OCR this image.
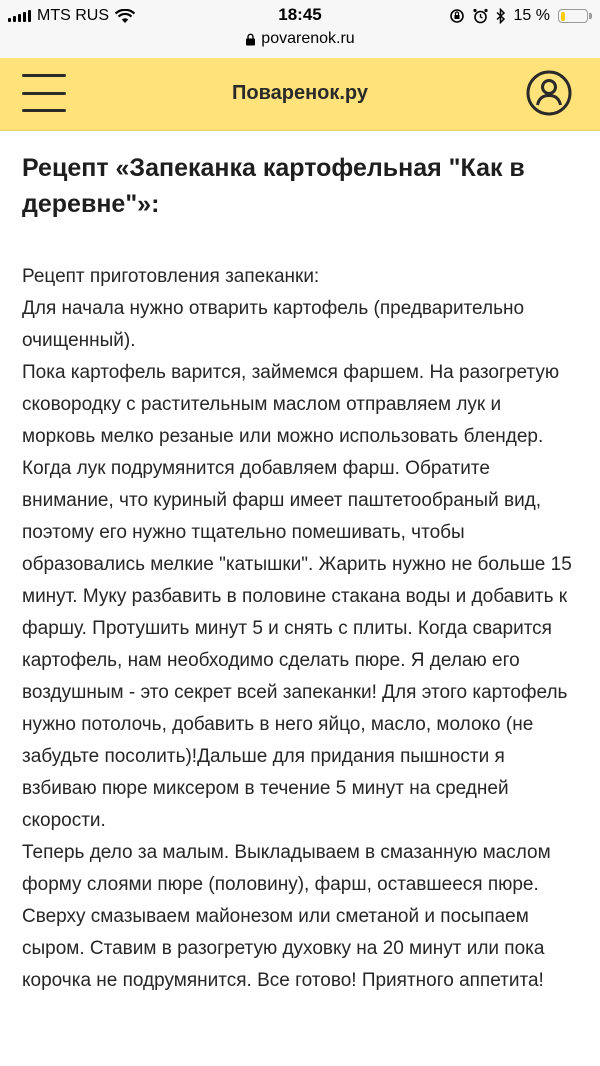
MTS RUS	18:45	15 %
povarenok.ru
Поваренок.ру
Рецепт «Запеканка картофельная "Как в деревне"»:

Рецепт приготовления запеканки:

Для начала нужно отварить картофель (предварительно очищенный).

Пока картофель варится, займемся фаршем. На разогретую сковородку с растительным маслом отправляем лук и морковь мелко резаные или можно использовать блендер. Когда лук подрумянится добавляем фарш. Обратите внимание, что куриный фарш имеет паштетообраный вид, поэтому его нужно тщательно помешивать, чтобы образовались мелкие "катышки". Жарить нужно не больше 15 минут. Муку разбавить в половине стакана воды и добавить к фаршу. Протушить минут 5 и снять с плиты. Когда сварится картофель, нам необходимо сделать пюре. Я делаю его воздушным - это секрет всей запеканки! Для этого картофель нужно потолочь, добавить в него яйцо, масло, молоко (не забудьте посолить)!Дальше для придания пышности я взбиваю пюре миксером в течение 5 минут на средней скорости.

Теперь дело за малым. Выкладываем в смазанную маслом форму слоями пюре (половину), фарш, оставшееся пюре. Сверху смазываем майонезом или сметаной и посыпаем сыром. Ставим в разогретую духовку на 20 минут или пока корочка не подрумянится. Все готово! Приятного аппетита!
